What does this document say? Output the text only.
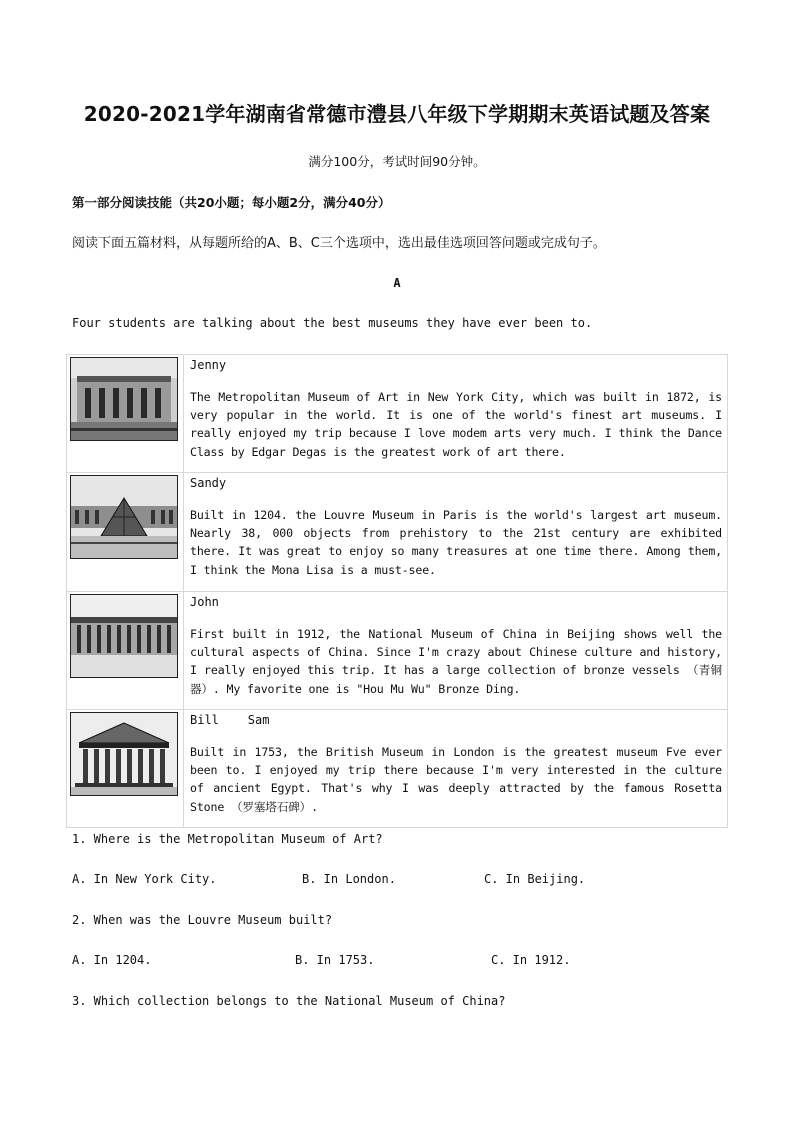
2020-2021学年湖南省常德市澧县八年级下学期期末英语试题及答案
满分100分，考试时间90分钟。
第一部分阅读技能（共20小题；每小题2分，满分40分）
阅读下面五篇材料，从每题所给的A、B、C三个选项中，选出最佳选项回答问题或完成句子。
A
Four students are talking about the best museums they have ever been to.
Jenny
The Metropolitan Museum of Art in New York City, which was built in 1872, is very popular in the world. It is one of the world's finest art museums. I really enjoyed my trip because I love modem arts very much. I think the Dance Class by Edgar Degas is the greatest work of art there.
Sandy
Built in 1204. the Louvre Museum in Paris is the world's largest art museum. Nearly 38, 000 objects from prehistory to the 21st century are exhibited there. It was great to enjoy so many treasures at one time there. Among them, I think the Mona Lisa is a must-see.
John
First built in 1912, the National Museum of China in Beijing shows well the cultural aspects of China. Since I'm crazy about Chinese culture and history, I really enjoyed this trip. It has a large collection of bronze vessels （青铜器）. My favorite one is "Hou Mu Wu" Bronze Ding.
Bill    Sam
Built in 1753, the British Museum in London is the greatest museum Fve ever been to. I enjoyed my trip there because I'm very interested in the culture of ancient Egypt. That's why I was deeply attracted by the famous Rosetta Stone （罗塞塔石碑）.
1. Where is the Metropolitan Museum of Art?
A. In New York City.	B. In London.	C. In Beijing.
2. When was the Louvre Museum built?
A. In 1204.	B. In 1753.	C. In 1912.
3. Which collection belongs to the National Museum of China?
